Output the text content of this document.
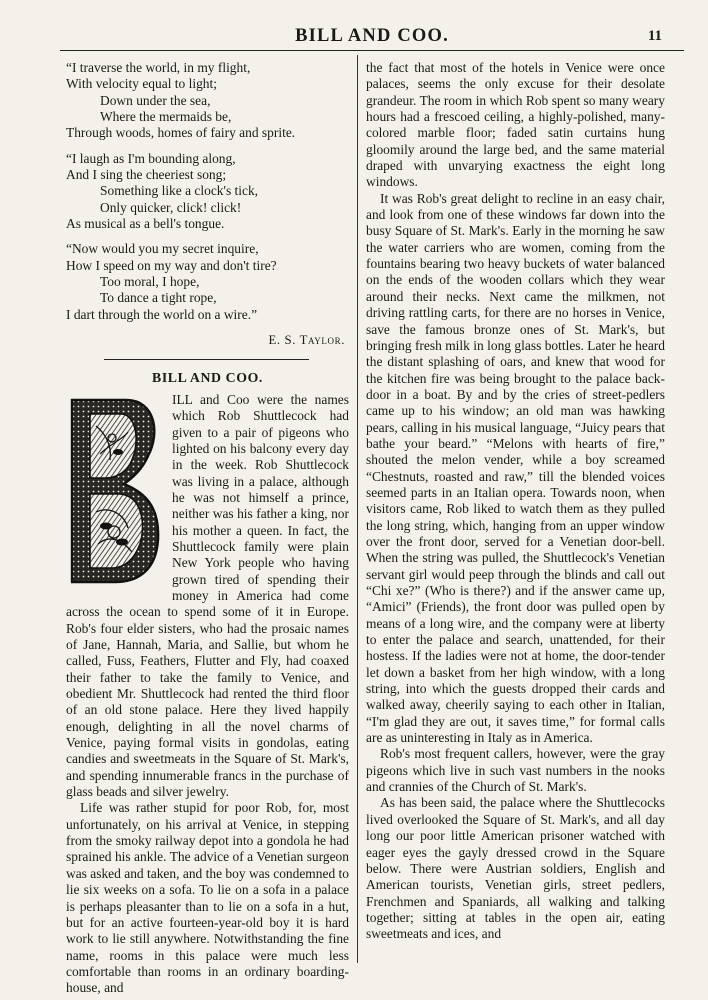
BILL AND COO.	11
“I traverse the world, in my flight,
With velocity equal to light;
Down under the sea,
Where the mermaids be,
Through woods, homes of fairy and sprite.
“I laugh as I'm bounding along,
And I sing the cheeriest song;
Something like a clock's tick,
Only quicker, click! click!
As musical as a bell's tongue.
“Now would you my secret inquire,
How I speed on my way and don't tire?
Too moral, I hope,
To dance a tight rope,
I dart through the world on a wire.”
E. S. Taylor.
BILL AND COO.

ILL and Coo were the names which Rob Shuttlecock had given to a pair of pigeons who lighted on his balcony every day in the week. Rob Shuttlecock was living in a palace, although he was not himself a prince, neither was his father a king, nor his mother a queen. In fact, the Shuttlecock family were plain New York people who having grown tired of spending their money in America had come across the ocean to spend some of it in Europe. Rob's four elder sisters, who had the prosaic names of Jane, Hannah, Maria, and Sallie, but whom he called, Fuss, Feathers, Flutter and Fly, had coaxed their father to take the family to Venice, and obedient Mr. Shuttlecock had rented the third floor of an old stone palace. Here they lived happily enough, delighting in all the novel charms of Venice, paying formal visits in gondolas, eating candies and sweetmeats in the Square of St. Mark's, and spending innumerable francs in the purchase of glass beads and silver jewelry.

Life was rather stupid for poor Rob, for, most unfortunately, on his arrival at Venice, in stepping from the smoky railway depot into a gondola he had sprained his ankle. The advice of a Venetian surgeon was asked and taken, and the boy was condemned to lie six weeks on a sofa. To lie on a sofa in a palace is perhaps pleasanter than to lie on a sofa in a hut, but for an active fourteen-year-old boy it is hard work to lie still anywhere. Notwithstanding the fine name, rooms in this palace were much less comfortable than rooms in an ordinary boarding-house, and

the fact that most of the hotels in Venice were once palaces, seems the only excuse for their desolate grandeur. The room in which Rob spent so many weary hours had a frescoed ceiling, a highly-polished, many-colored marble floor; faded satin curtains hung gloomily around the large bed, and the same material draped with unvarying exactness the eight long windows.

It was Rob's great delight to recline in an easy chair, and look from one of these windows far down into the busy Square of St. Mark's. Early in the morning he saw the water carriers who are women, coming from the fountains bearing two heavy buckets of water balanced on the ends of the wooden collars which they wear around their necks. Next came the milkmen, not driving rattling carts, for there are no horses in Venice, save the famous bronze ones of St. Mark's, but bringing fresh milk in long glass bottles. Later he heard the distant splashing of oars, and knew that wood for the kitchen fire was being brought to the palace back-door in a boat. By and by the cries of street-pedlers came up to his window; an old man was hawking pears, calling in his musical language, “Juicy pears that bathe your beard.” “Melons with hearts of fire,” shouted the melon vender, while a boy screamed “Chestnuts, roasted and raw,” till the blended voices seemed parts in an Italian opera. Towards noon, when visitors came, Rob liked to watch them as they pulled the long string, which, hanging from an upper window over the front door, served for a Venetian door-bell. When the string was pulled, the Shuttlecock's Venetian servant girl would peep through the blinds and call out “Chi xe?” (Who is there?) and if the answer came up, “Amici” (Friends), the front door was pulled open by means of a long wire, and the company were at liberty to enter the palace and search, unattended, for their hostess. If the ladies were not at home, the door-tender let down a basket from her high window, with a long string, into which the guests dropped their cards and walked away, cheerily saying to each other in Italian, “I'm glad they are out, it saves time,” for formal calls are as uninteresting in Italy as in America.

Rob's most frequent callers, however, were the gray pigeons which live in such vast numbers in the nooks and crannies of the Church of St. Mark's.

As has been said, the palace where the Shuttlecocks lived overlooked the Square of St. Mark's, and all day long our poor little American prisoner watched with eager eyes the gayly dressed crowd in the Square below. There were Austrian soldiers, English and American tourists, Venetian girls, street pedlers, Frenchmen and Spaniards, all walking and talking together; sitting at tables in the open air, eating sweetmeats and ices, and
